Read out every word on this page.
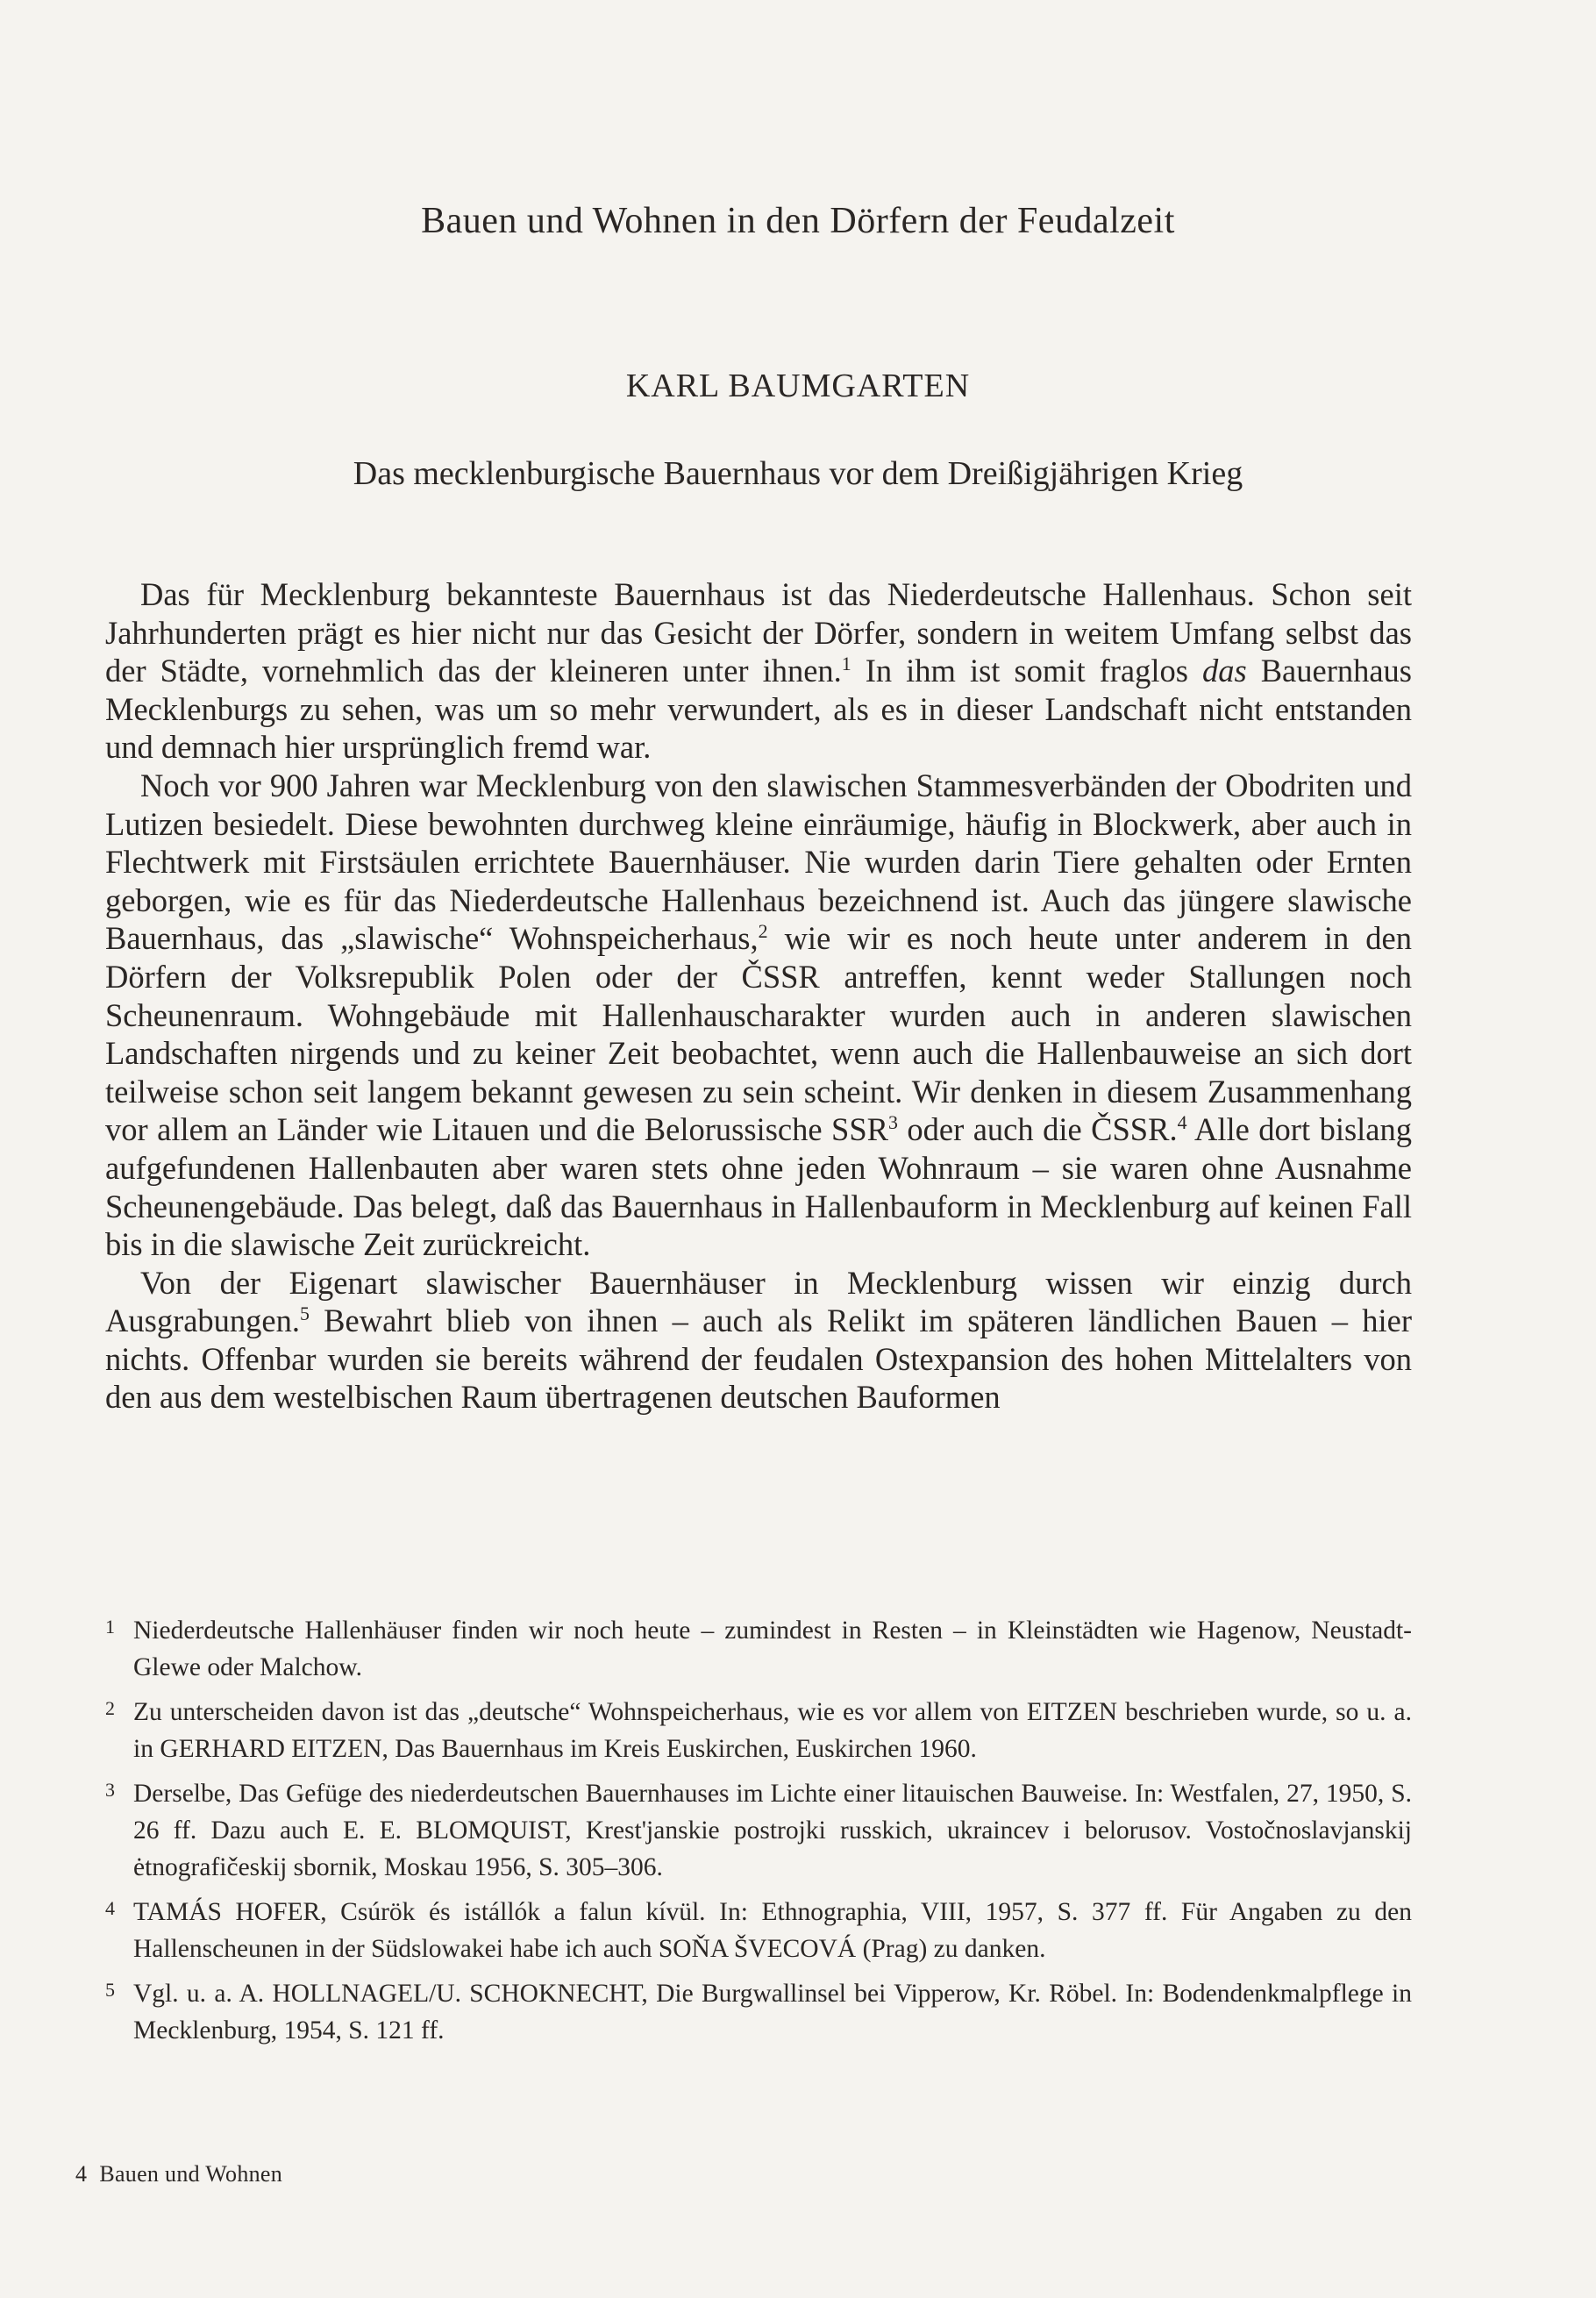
Bauen und Wohnen in den Dörfern der Feudalzeit
KARL BAUMGARTEN
Das mecklenburgische Bauernhaus vor dem Dreißigjährigen Krieg

Das für Mecklenburg bekannteste Bauernhaus ist das Niederdeutsche Hallenhaus. Schon seit Jahrhunderten prägt es hier nicht nur das Gesicht der Dörfer, sondern in weitem Umfang selbst das der Städte, vornehmlich das der kleineren unter ihnen.$^1$ In ihm ist somit fraglos das Bauernhaus Mecklenburgs zu sehen, was um so mehr verwundert, als es in dieser Landschaft nicht entstanden und demnach hier ursprünglich fremd war.

Noch vor 900 Jahren war Mecklenburg von den slawischen Stammesverbänden der Obodriten und Lutizen besiedelt. Diese bewohnten durchweg kleine einräumige, häufig in Blockwerk, aber auch in Flechtwerk mit Firstsäulen errichtete Bauernhäuser. Nie wurden darin Tiere gehalten oder Ernten geborgen, wie es für das Niederdeutsche Hallenhaus bezeichnend ist. Auch das jüngere slawische Bauernhaus, das „slawische“ Wohnspeicherhaus,$^2$ wie wir es noch heute unter anderem in den Dörfern der Volksrepublik Polen oder der ČSSR antreffen, kennt weder Stallungen noch Scheunenraum. Wohngebäude mit Hallenhauscharakter wurden auch in anderen slawischen Landschaften nirgends und zu keiner Zeit beobachtet, wenn auch die Hallenbauweise an sich dort teilweise schon seit langem bekannt gewesen zu sein scheint. Wir denken in diesem Zusammenhang vor allem an Länder wie Litauen und die Belorussische SSR$^3$ oder auch die ČSSR.$^4$ Alle dort bislang aufgefundenen Hallenbauten aber waren stets ohne jeden Wohnraum – sie waren ohne Ausnahme Scheunengebäude. Das belegt, daß das Bauernhaus in Hallenbauform in Mecklenburg auf keinen Fall bis in die slawische Zeit zurückreicht.

Von der Eigenart slawischer Bauernhäuser in Mecklenburg wissen wir einzig durch Ausgrabungen.$^5$ Bewahrt blieb von ihnen – auch als Relikt im späteren ländlichen Bauen – hier nichts. Offenbar wurden sie bereits während der feudalen Ostexpansion des hohen Mittelalters von den aus dem westelbischen Raum übertragenen deutschen Bauformen

1 Niederdeutsche Hallenhäuser finden wir noch heute – zumindest in Resten – in Kleinstädten wie Hagenow, Neustadt-Glewe oder Malchow.
2 Zu unterscheiden davon ist das „deutsche“ Wohnspeicherhaus, wie es vor allem von EITZEN beschrieben wurde, so u. a. in GERHARD EITZEN, Das Bauernhaus im Kreis Euskirchen, Euskirchen 1960.
3 Derselbe, Das Gefüge des niederdeutschen Bauernhauses im Lichte einer litauischen Bauweise. In: Westfalen, 27, 1950, S. 26 ff. Dazu auch E. E. BLOMQUIST, Krest'janskie postrojki russkich, ukraincev i belorusov. Vostočnoslavjanskij ėtnografičeskij sbornik, Moskau 1956, S. 305–306.
4 TAMÁS HOFER, Csúrök és istállók a falun kívül. In: Ethnographia, VIII, 1957, S. 377 ff. Für Angaben zu den Hallenscheunen in der Südslowakei habe ich auch SOŇA ŠVECOVÁ (Prag) zu danken.
5 Vgl. u. a. A. HOLLNAGEL/U. SCHOKNECHT, Die Burgwallinsel bei Vipperow, Kr. Röbel. In: Bodendenkmalpflege in Mecklenburg, 1954, S. 121 ff.
4 Bauen und Wohnen
